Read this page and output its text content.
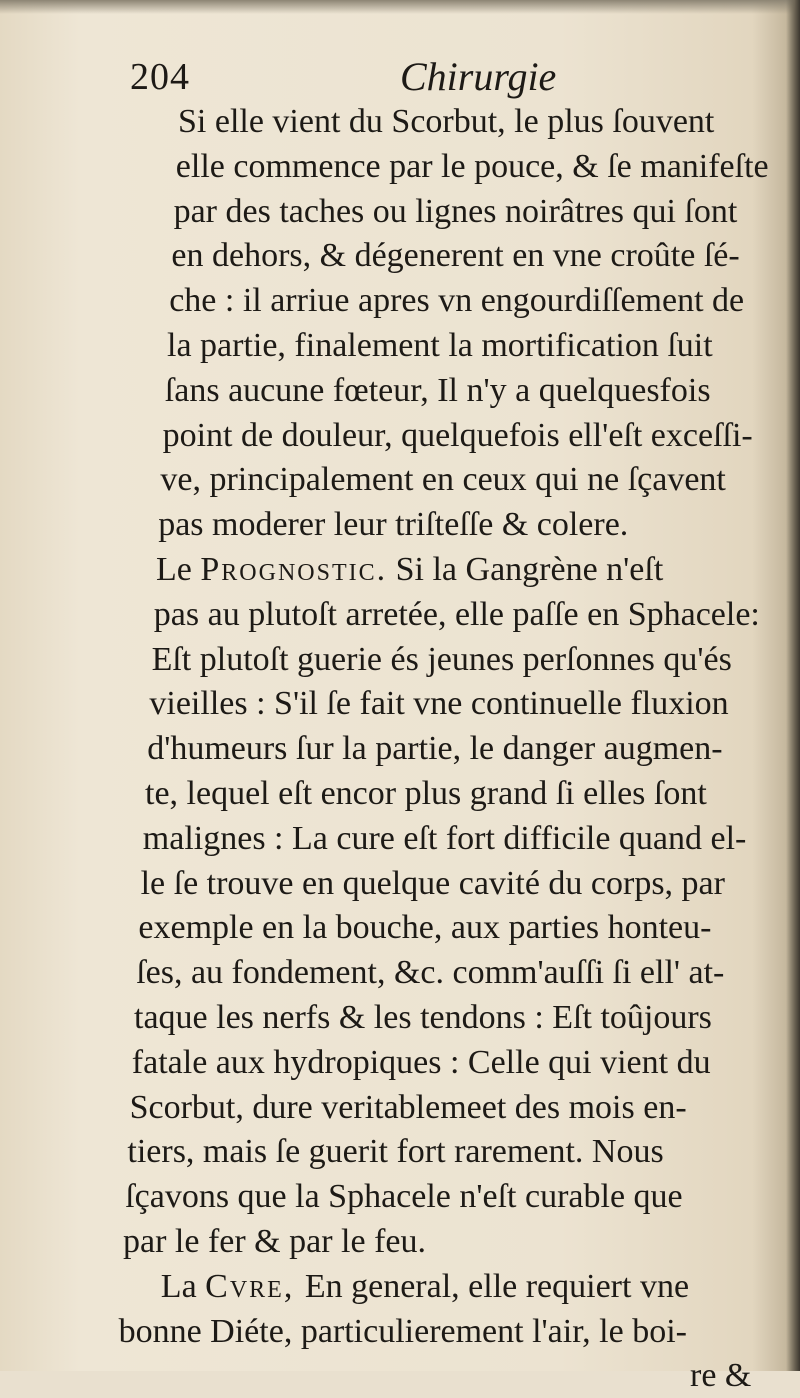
204	Chirurgie
Si elle vient du Scorbut, le plus ſouvent
elle commence par le pouce, & ſe manifeſte
par des taches ou lignes noirâtres qui ſont
en dehors, & dégenerent en vne croûte ſé-
che : il arriue apres vn engourdiſſement de
la partie, finalement la mortification ſuit
ſans aucune fœteur, Il n'y a quelquesfois
point de douleur, quelquefois ell'eſt exceſſi-
ve, principalement en ceux qui ne ſçavent
pas moderer leur triſteſſe & colere.
Le Prognostic. Si la Gangrène n'eſt
pas au plutoſt arretée, elle paſſe en Sphacele:
Eſt plutoſt guerie és jeunes perſonnes qu'és
vieilles : S'il ſe fait vne continuelle fluxion
d'humeurs ſur la partie, le danger augmen-
te, lequel eſt encor plus grand ſi elles ſont
malignes : La cure eſt fort difficile quand el-
le ſe trouve en quelque cavité du corps, par
exemple en la bouche, aux parties honteu-
ſes, au fondement, &c. comm'auſſi ſi ell' at-
taque les nerfs & les tendons : Eſt toûjours
fatale aux hydropiques : Celle qui vient du
Scorbut, dure veritablemeet des mois en-
tiers, mais ſe guerit fort rarement. Nous
ſçavons que la Sphacele n'eſt curable que
par le fer & par le feu.
La Cvre, En general, elle requiert vne
bonne Diéte, particulierement l'air, le boi-
re &
